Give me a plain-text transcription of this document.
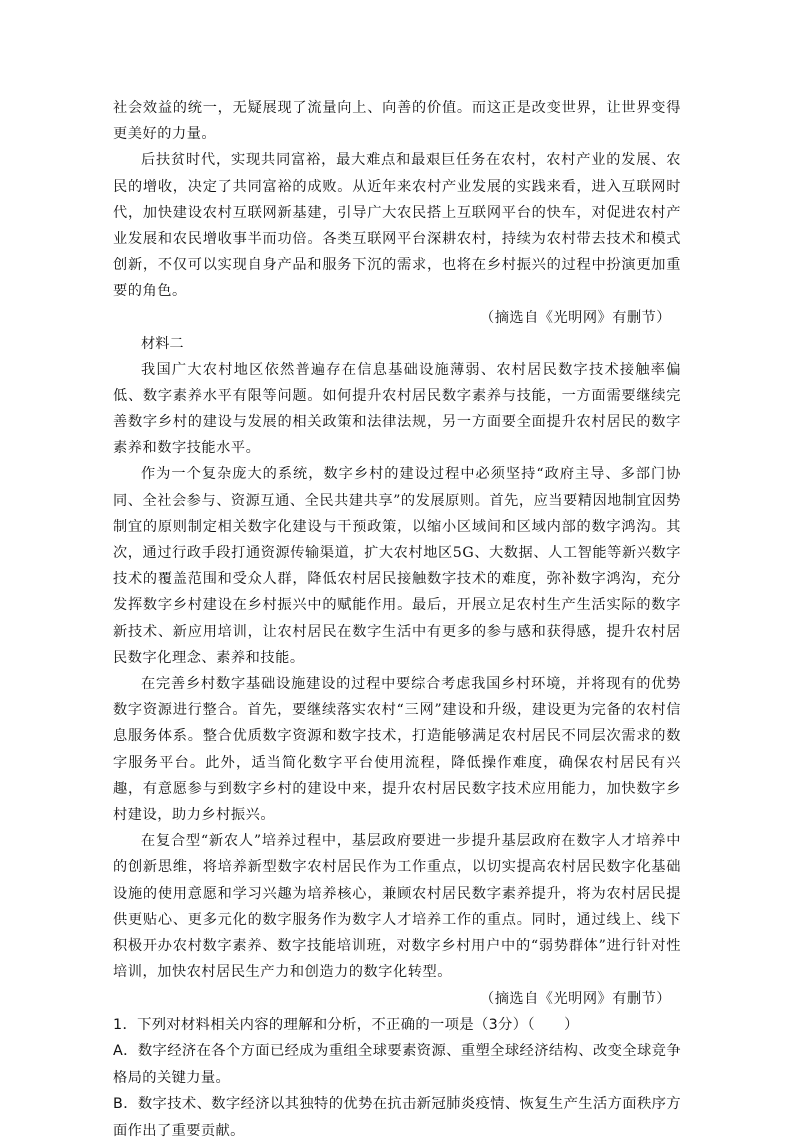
社会效益的统一，无疑展现了流量向上、向善的价值。而这正是改变世界，让世界变得更美好的力量。

后扶贫时代，实现共同富裕，最大难点和最艰巨任务在农村，农村产业的发展、农民的增收，决定了共同富裕的成败。从近年来农村产业发展的实践来看，进入互联网时代，加快建设农村互联网新基建，引导广大农民搭上互联网平台的快车，对促进农村产业发展和农民增收事半而功倍。各类互联网平台深耕农村，持续为农村带去技术和模式创新，不仅可以实现自身产品和服务下沉的需求，也将在乡村振兴的过程中扮演更加重要的角色。

（摘选自《光明网》有删节）

材料二

我国广大农村地区依然普遍存在信息基础设施薄弱、农村居民数字技术接触率偏低、数字素养水平有限等问题。如何提升农村居民数字素养与技能，一方面需要继续完善数字乡村的建设与发展的相关政策和法律法规，另一方面要全面提升农村居民的数字素养和数字技能水平。

作为一个复杂庞大的系统，数字乡村的建设过程中必须坚持“政府主导、多部门协同、全社会参与、资源互通、全民共建共享”的发展原则。首先，应当要精因地制宜因势制宜的原则制定相关数字化建设与干预政策，以缩小区域间和区域内部的数字鸿沟。其次，通过行政手段打通资源传输渠道，扩大农村地区5G、大数据、人工智能等新兴数字技术的覆盖范围和受众人群，降低农村居民接触数字技术的难度，弥补数字鸿沟，充分发挥数字乡村建设在乡村振兴中的赋能作用。最后，开展立足农村生产生活实际的数字新技术、新应用培训，让农村居民在数字生活中有更多的参与感和获得感，提升农村居民数字化理念、素养和技能。

在完善乡村数字基础设施建设的过程中要综合考虑我国乡村环境，并将现有的优势数字资源进行整合。首先，要继续落实农村“三网”建设和升级，建设更为完备的农村信息服务体系。整合优质数字资源和数字技术，打造能够满足农村居民不同层次需求的数字服务平台。此外，适当简化数字平台使用流程，降低操作难度，确保农村居民有兴趣，有意愿参与到数字乡村的建设中来，提升农村居民数字技术应用能力，加快数字乡村建设，助力乡村振兴。

在复合型“新农人”培养过程中，基层政府要进一步提升基层政府在数字人才培养中的创新思维，将培养新型数字农村居民作为工作重点，以切实提高农村居民数字化基础设施的使用意愿和学习兴趣为培养核心，兼顾农村居民数字素养提升，将为农村居民提供更贴心、更多元化的数字服务作为数字人才培养工作的重点。同时，通过线上、线下积极开办农村数字素养、数字技能培训班，对数字乡村用户中的“弱势群体”进行针对性培训，加快农村居民生产力和创造力的数字化转型。

（摘选自《光明网》有删节）

1．下列对材料相关内容的理解和分析，不正确的一项是（3分）（　　）

A．数字经济在各个方面已经成为重组全球要素资源、重塑全球经济结构、改变全球竞争格局的关键力量。

B．数字技术、数字经济以其独特的优势在抗击新冠肺炎疫情、恢复生产生活方面秩序方面作出了重要贡献。
